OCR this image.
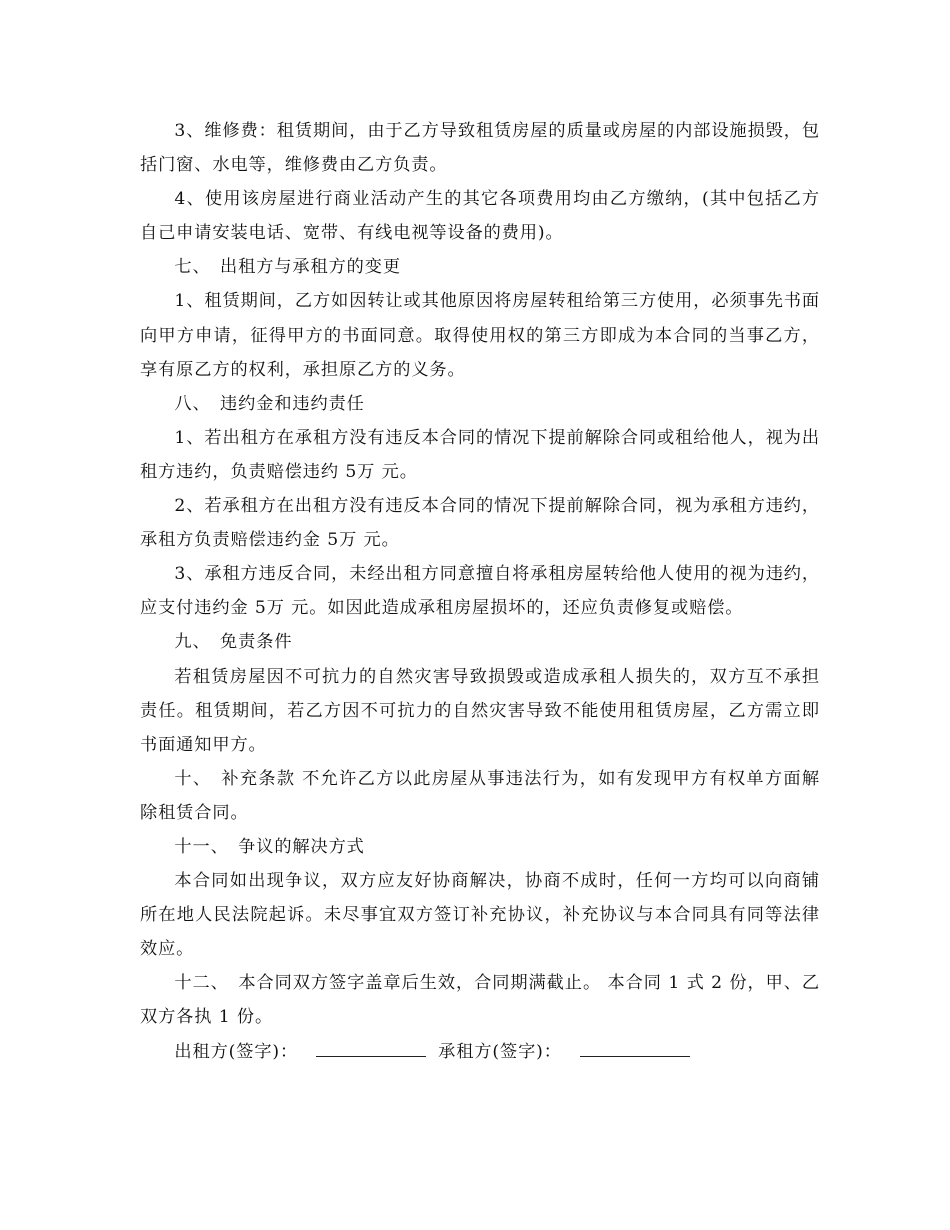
3、维修费：租赁期间，由于乙方导致租赁房屋的质量或房屋的内部设施损毁，包括门窗、水电等，维修费由乙方负责。

4、使用该房屋进行商业活动产生的其它各项费用均由乙方缴纳，(其中包括乙方自己申请安装电话、宽带、有线电视等设备的费用)。

七、　出租方与承租方的变更

1、租赁期间，乙方如因转让或其他原因将房屋转租给第三方使用，必须事先书面向甲方申请，征得甲方的书面同意。取得使用权的第三方即成为本合同的当事乙方，享有原乙方的权利，承担原乙方的义务。

八、　违约金和违约责任

1、若出租方在承租方没有违反本合同的情况下提前解除合同或租给他人，视为出租方违约，负责赔偿违约 5万 元。

2、若承租方在出租方没有违反本合同的情况下提前解除合同，视为承租方违约，承租方负责赔偿违约金 5万 元。

3、承租方违反合同，未经出租方同意擅自将承租房屋转给他人使用的视为违约，应支付违约金 5万 元。如因此造成承租房屋损坏的，还应负责修复或赔偿。

九、　免责条件

若租赁房屋因不可抗力的自然灾害导致损毁或造成承租人损失的，双方互不承担责任。租赁期间，若乙方因不可抗力的自然灾害导致不能使用租赁房屋，乙方需立即书面通知甲方。

十、　补充条款 不允许乙方以此房屋从事违法行为，如有发现甲方有权单方面解除租赁合同。

十一、　争议的解决方式

本合同如出现争议，双方应友好协商解决，协商不成时，任何一方均可以向商铺所在地人民法院起诉。未尽事宜双方签订补充协议，补充协议与本合同具有同等法律效应。

十二、　本合同双方签字盖章后生效，合同期满截止。 本合同 1 式 2 份，甲、乙双方各执 1 份。

出租方(签字)：	承租方(签字)：
